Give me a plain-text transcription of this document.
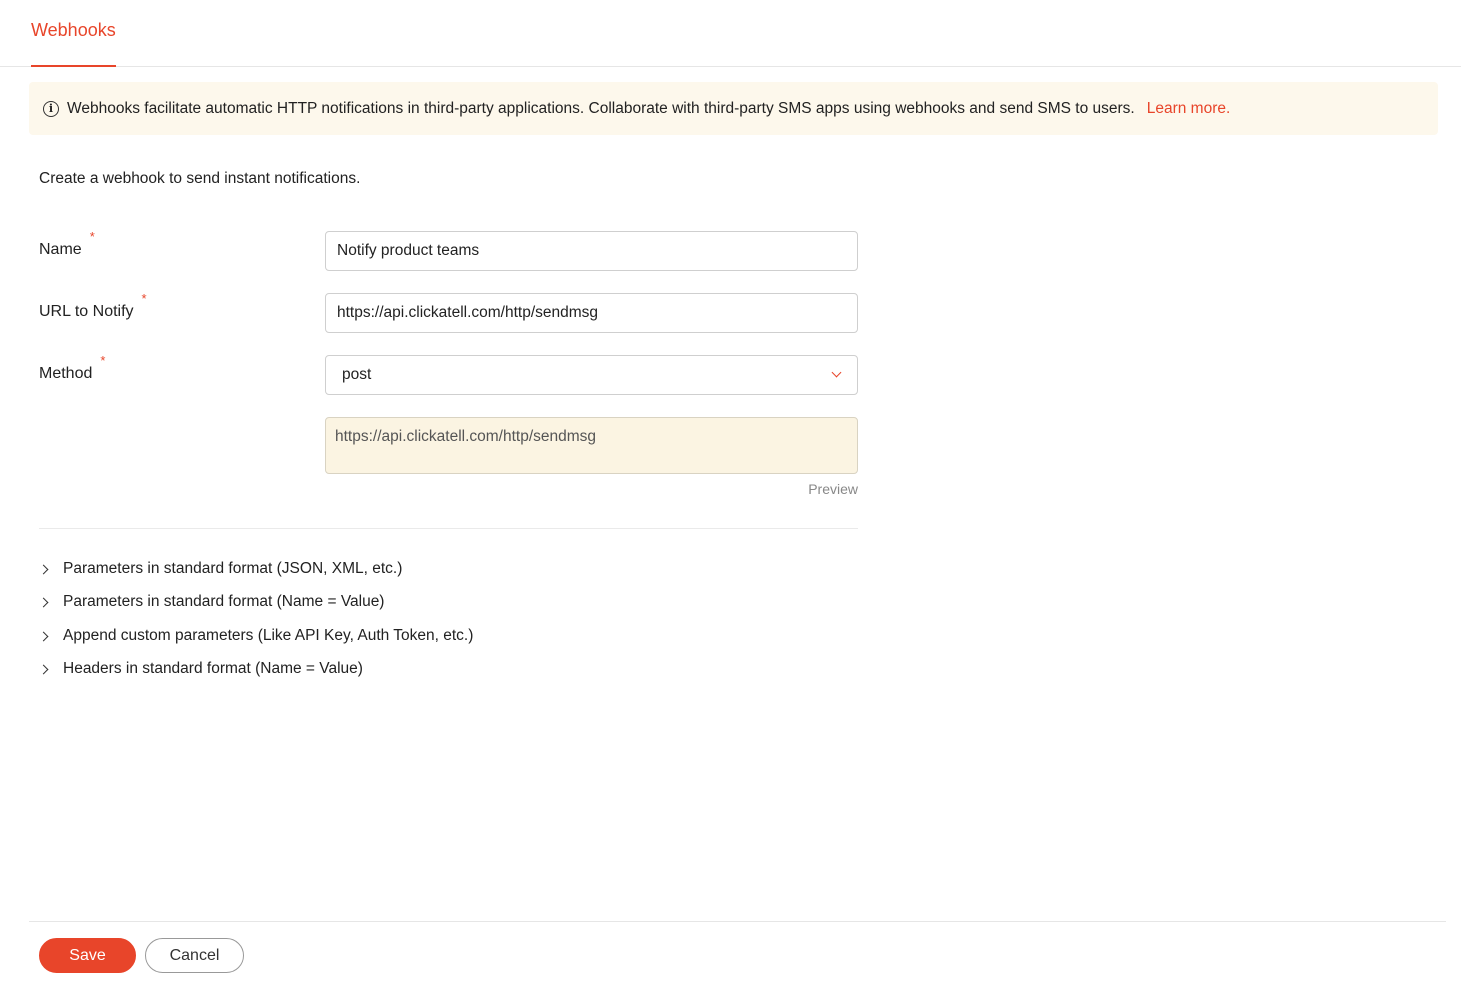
Webhooks
i Webhooks facilitate automatic HTTP notifications in third-party applications. Collaborate with third-party SMS apps using webhooks and send SMS to users. Learn more.
Create a webhook to send instant notifications.
Name*
Notify product teams
URL to Notify*
https://api.clickatell.com/http/sendmsg
Method*
post
https://api.clickatell.com/http/sendmsg
Preview
Parameters in standard format (JSON, XML, etc.)
Parameters in standard format (Name = Value)
Append custom parameters (Like API Key, Auth Token, etc.)
Headers in standard format (Name = Value)
Save	Cancel
